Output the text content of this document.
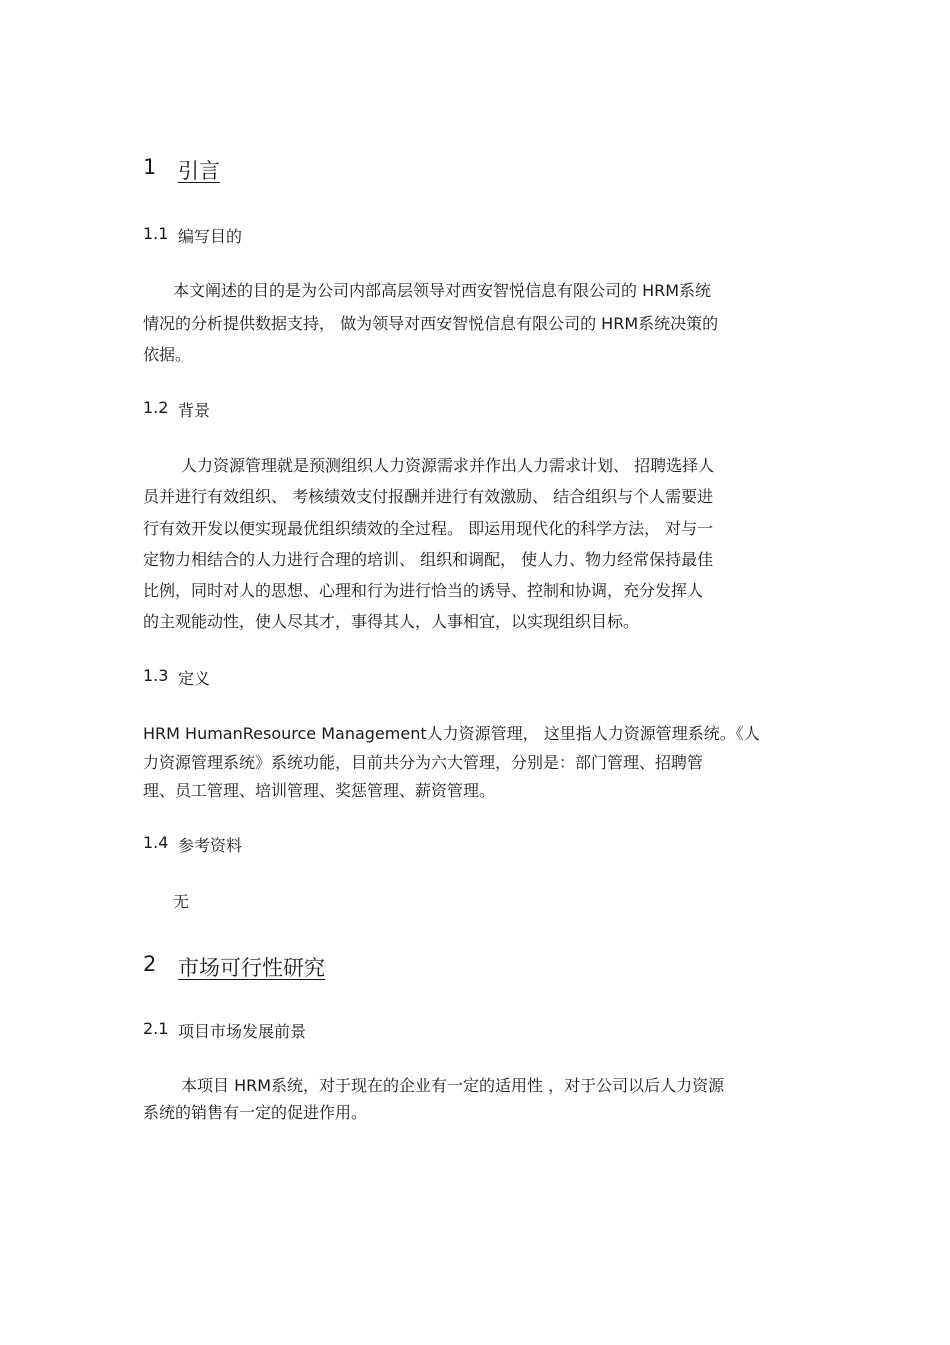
1 引言
1.1 编写目的
本文阐述的目的是为公司内部高层领导对西安智悦信息有限公司的 HRM系统
情况的分析提供数据支持， 做为领导对西安智悦信息有限公司的 HRM系统决策的
依据。
1.2 背景
人力资源管理就是预测组织人力资源需求并作出人力需求计划、 招聘选择人
员并进行有效组织、 考核绩效支付报酬并进行有效激励、 结合组织与个人需要进
行有效开发以便实现最优组织绩效的全过程。 即运用现代化的科学方法， 对与一
定物力相结合的人力进行合理的培训、 组织和调配， 使人力、物力经常保持最佳
比例，同时对人的思想、心理和行为进行恰当的诱导、控制和协调，充分发挥人
的主观能动性，使人尽其才，事得其人，人事相宜，以实现组织目标。
1.3 定义
HRM HumanResource Management人力资源管理， 这里指人力资源管理系统。《人
力资源管理系统》系统功能，目前共分为六大管理，分别是：部门管理、招聘管
理、员工管理、培训管理、奖惩管理、薪资管理。
1.4 参考资料
无
2 市场可行性研究
2.1 项目市场发展前景
本项目 HRM系统，对于现在的企业有一定的适用性 ，对于公司以后人力资源
系统的销售有一定的促进作用。
